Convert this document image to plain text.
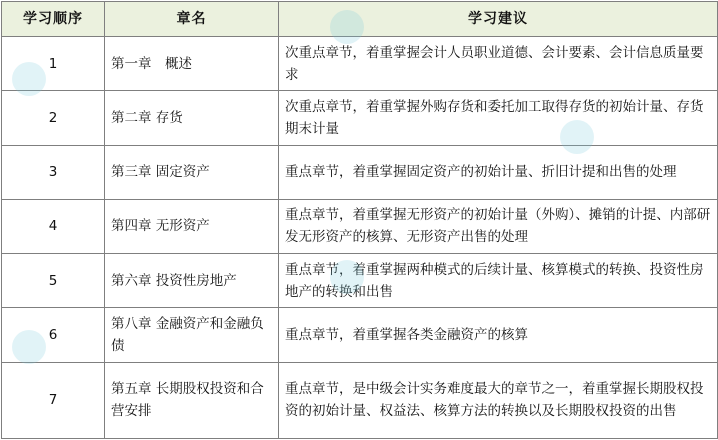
学习顺序	章名	学习建议
1	第一章　概述	次重点章节，着重掌握会计人员职业道德、会计要素、会计信息质量要求
2	第二章 存货	次重点章节，着重掌握外购存货和委托加工取得存货的初始计量、存货期末计量
3	第三章 固定资产	重点章节，着重掌握固定资产的初始计量、折旧计提和出售的处理
4	第四章 无形资产	重点章节，着重掌握无形资产的初始计量（外购）、摊销的计提、内部研发无形资产的核算、无形资产出售的处理
5	第六章 投资性房地产	重点章节，着重掌握两种模式的后续计量、核算模式的转换、投资性房地产的转换和出售
6	第八章 金融资产和金融负债	重点章节，着重掌握各类金融资产的核算
7	第五章 长期股权投资和合营安排	重点章节，是中级会计实务难度最大的章节之一，着重掌握长期股权投资的初始计量、权益法、核算方法的转换以及长期股权投资的出售
